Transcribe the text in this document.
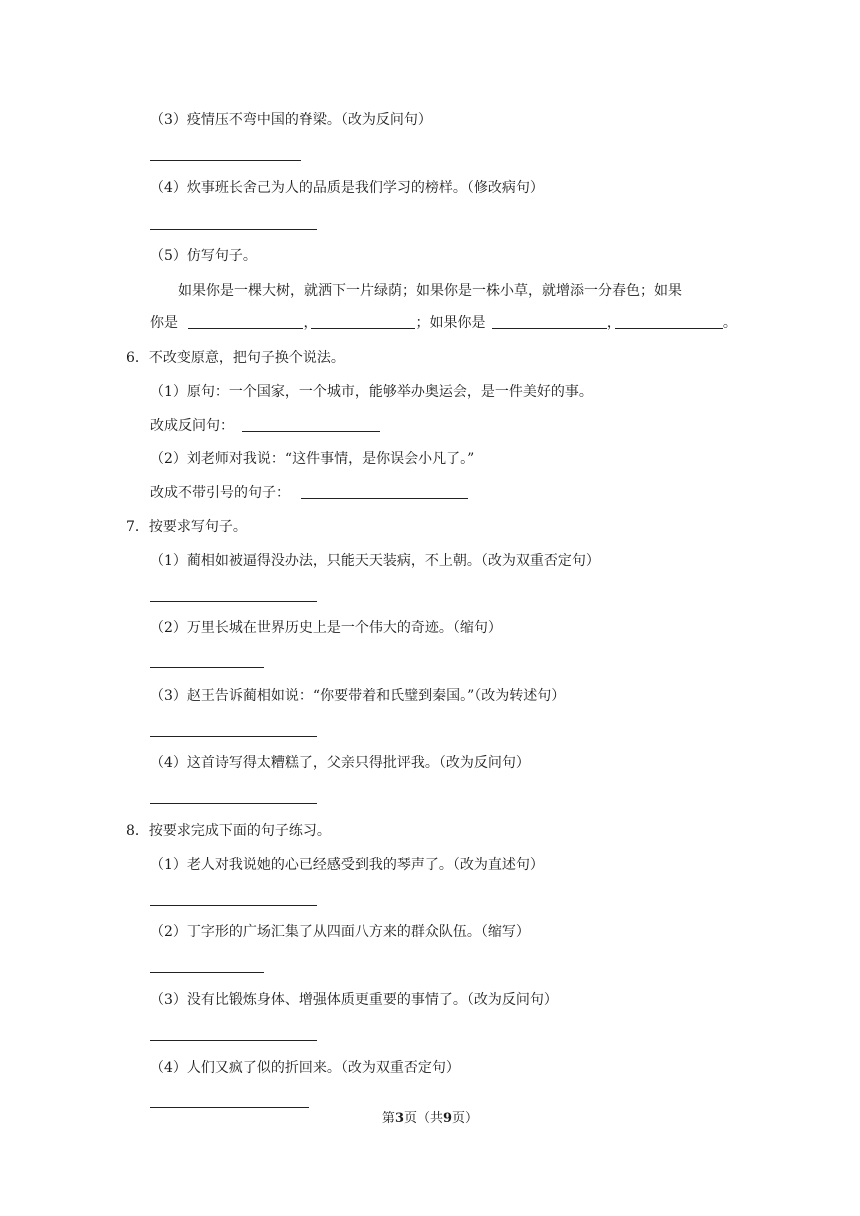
（3）疫情压不弯中国的脊梁。（改为反问句）
（4）炊事班长舍己为人的品质是我们学习的榜样。（修改病句）
（5）仿写句子。
如果你是一棵大树，就洒下一片绿荫；如果你是一株小草，就增添一分春色；如果
你是	，	；如果你是	，	。
6．不改变原意，把句子换个说法。
（1）原句：一个国家，一个城市，能够举办奥运会，是一件美好的事。
改成反问句：
（2）刘老师对我说：“这件事情，是你误会小凡了。”
改成不带引号的句子：
7．按要求写句子。
（1）蔺相如被逼得没办法，只能天天装病，不上朝。（改为双重否定句）
（2）万里长城在世界历史上是一个伟大的奇迹。（缩句）
（3）赵王告诉蔺相如说：“你要带着和氏璧到秦国。”（改为转述句）
（4）这首诗写得太糟糕了，父亲只得批评我。（改为反问句）
8．按要求完成下面的句子练习。
（1）老人对我说她的心已经感受到我的琴声了。（改为直述句）
（2）丁字形的广场汇集了从四面八方来的群众队伍。（缩写）
（3）没有比锻炼身体、增强体质更重要的事情了。（改为反问句）
（4）人们又疯了似的折回来。（改为双重否定句）
第3页（共9页）
